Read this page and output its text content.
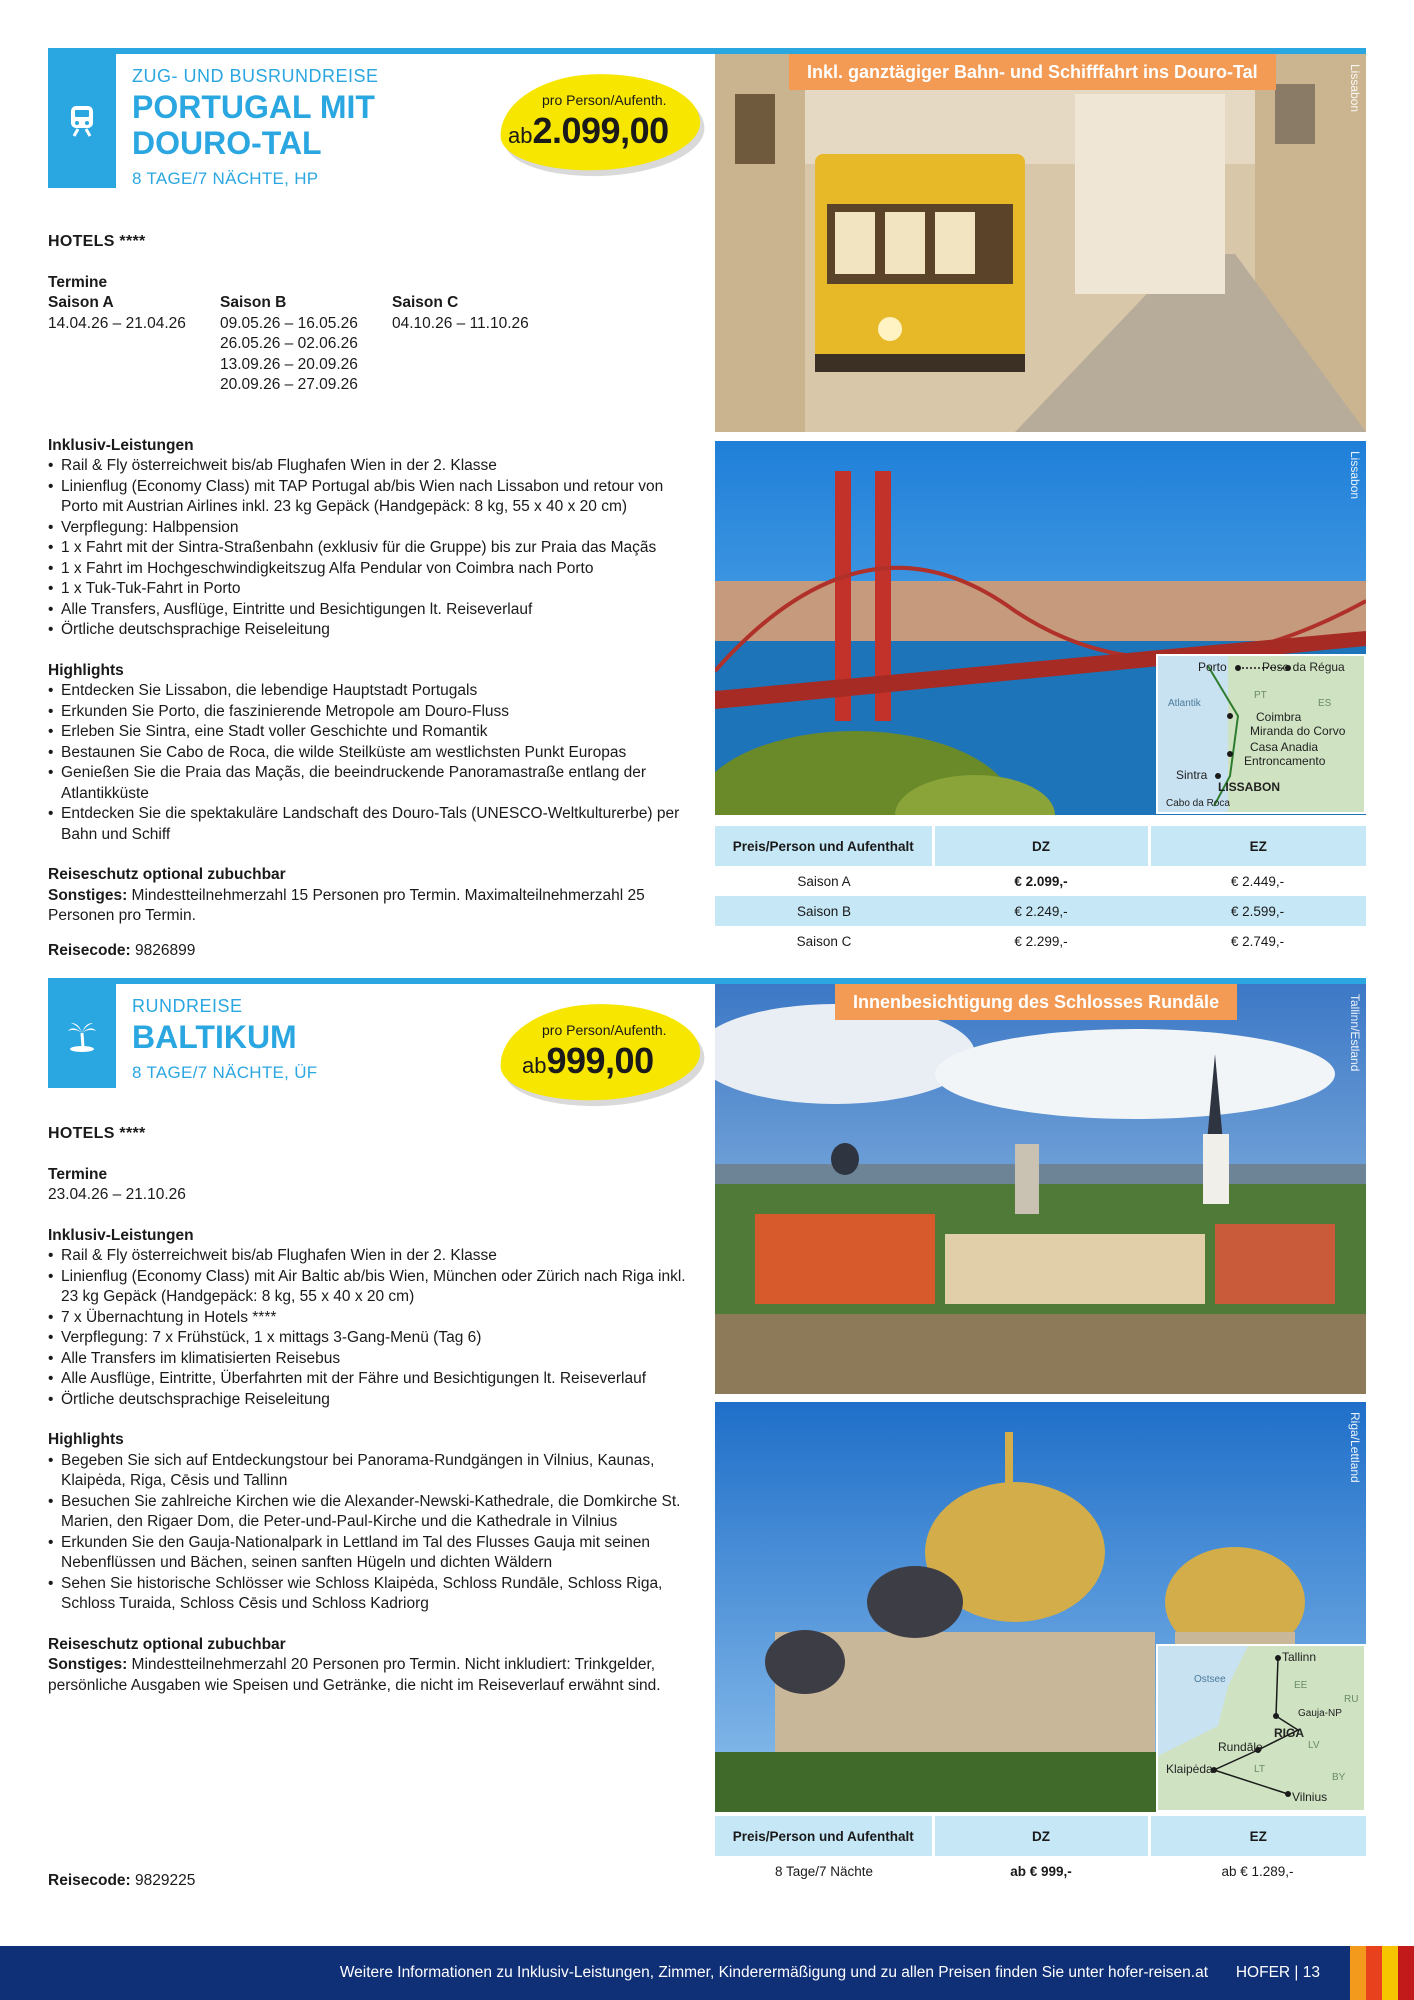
ZUG- UND BUSRUNDREISE
PORTUGAL MIT
DOURO-TAL
8 TAGE/7 NÄCHTE, HP
pro Person/Aufenth.
ab2.099,00
HOTELS ****
Termine
Saison A
14.04.26 – 21.04.26
Saison B
09.05.26 – 16.05.26
26.05.26 – 02.06.26
13.09.26 – 20.09.26
20.09.26 – 27.09.26
Saison C
04.10.26 – 11.10.26
Inklusiv-Leistungen
• Rail & Fly österreichweit bis/ab Flughafen Wien in der 2. Klasse
• Linienflug (Economy Class) mit TAP Portugal ab/bis Wien nach Lissabon und retour von Porto mit Austrian Airlines inkl. 23 kg Gepäck (Handgepäck: 8 kg, 55 x 40 x 20 cm)
• Verpflegung: Halbpension
• 1 x Fahrt mit der Sintra-Straßenbahn (exklusiv für die Gruppe) bis zur Praia das Maçãs
• 1 x Fahrt im Hochgeschwindigkeitszug Alfa Pendular von Coimbra nach Porto
• 1 x Tuk-Tuk-Fahrt in Porto
• Alle Transfers, Ausflüge, Eintritte und Besichtigungen lt. Reiseverlauf
• Örtliche deutschsprachige Reiseleitung
Highlights
• Entdecken Sie Lissabon, die lebendige Hauptstadt Portugals
• Erkunden Sie Porto, die faszinierende Metropole am Douro-Fluss
• Erleben Sie Sintra, eine Stadt voller Geschichte und Romantik
• Bestaunen Sie Cabo de Roca, die wilde Steilküste am westlichsten Punkt Europas
• Genießen Sie die Praia das Maçãs, die beeindruckende Panoramastraße entlang der Atlantikküste
• Entdecken Sie die spektakuläre Landschaft des Douro-Tals (UNESCO-Weltkulturerbe) per Bahn und Schiff
Reiseschutz optional zubuchbar
Sonstiges: Mindestteilnehmerzahl 15 Personen pro Termin. Maximalteilnehmerzahl 25 Personen pro Termin.
Reisecode: 9826899
Inkl. ganztägiger Bahn- und Schifffahrt ins Douro-Tal	Lissabon
Lissabon
Porto	Peso da Régua
Atlantik
PT
ES
Coimbra
Miranda do Corvo
Casa Anadia
Entroncamento
Sintra
LISSABON
Cabo da Roca
Preis/Person und Aufenthalt	DZ	EZ
Saison A	€ 2.099,-	€ 2.449,-
Saison B	€ 2.249,-	€ 2.599,-
Saison C	€ 2.299,-	€ 2.749,-
RUNDREISE
BALTIKUM
8 TAGE/7 NÄCHTE, ÜF
pro Person/Aufenth.
ab999,00
HOTELS ****
Termine
23.04.26 – 21.10.26
Inklusiv-Leistungen
• Rail & Fly österreichweit bis/ab Flughafen Wien in der 2. Klasse
• Linienflug (Economy Class) mit Air Baltic ab/bis Wien, München oder Zürich nach Riga inkl. 23 kg Gepäck (Handgepäck: 8 kg, 55 x 40 x 20 cm)
• 7 x Übernachtung in Hotels ****
• Verpflegung: 7 x Frühstück, 1 x mittags 3-Gang-Menü (Tag 6)
• Alle Transfers im klimatisierten Reisebus
• Alle Ausflüge, Eintritte, Überfahrten mit der Fähre und Besichtigungen lt. Reiseverlauf
• Örtliche deutschsprachige Reiseleitung
Highlights
• Begeben Sie sich auf Entdeckungstour bei Panorama-Rundgängen in Vilnius, Kaunas, Klaipėda, Riga, Cēsis und Tallinn
• Besuchen Sie zahlreiche Kirchen wie die Alexander-Newski-Kathedrale, die Domkirche St. Marien, den Rigaer Dom, die Peter-und-Paul-Kirche und die Kathedrale in Vilnius
• Erkunden Sie den Gauja-Nationalpark in Lettland im Tal des Flusses Gauja mit seinen Nebenflüssen und Bächen, seinen sanften Hügeln und dichten Wäldern
• Sehen Sie historische Schlösser wie Schloss Klaipėda, Schloss Rundāle, Schloss Riga, Schloss Turaida, Schloss Cēsis und Schloss Kadriorg
Reiseschutz optional zubuchbar
Sonstiges: Mindestteilnehmerzahl 20 Personen pro Termin. Nicht inkludiert: Trinkgelder, persönliche Ausgaben wie Speisen und Getränke, die nicht im Reiseverlauf erwähnt sind.
Reisecode: 9829225
Innenbesichtigung des Schlosses Rundāle	Tallinn/Estland
Riga/Lettland
Tallinn
Ostsee
EE
Gauja-NP
RU
Rundāle
RIGA
LV
Klaipėda	LT
BY
Vilnius
Preis/Person und Aufenthalt	DZ	EZ
8 Tage/7 Nächte	ab € 999,-	ab € 1.289,-
Weitere Informationen zu Inklusiv-Leistungen, Zimmer, Kinderermäßigung und zu allen Preisen finden Sie unter hofer-reisen.at HOFER | 13
